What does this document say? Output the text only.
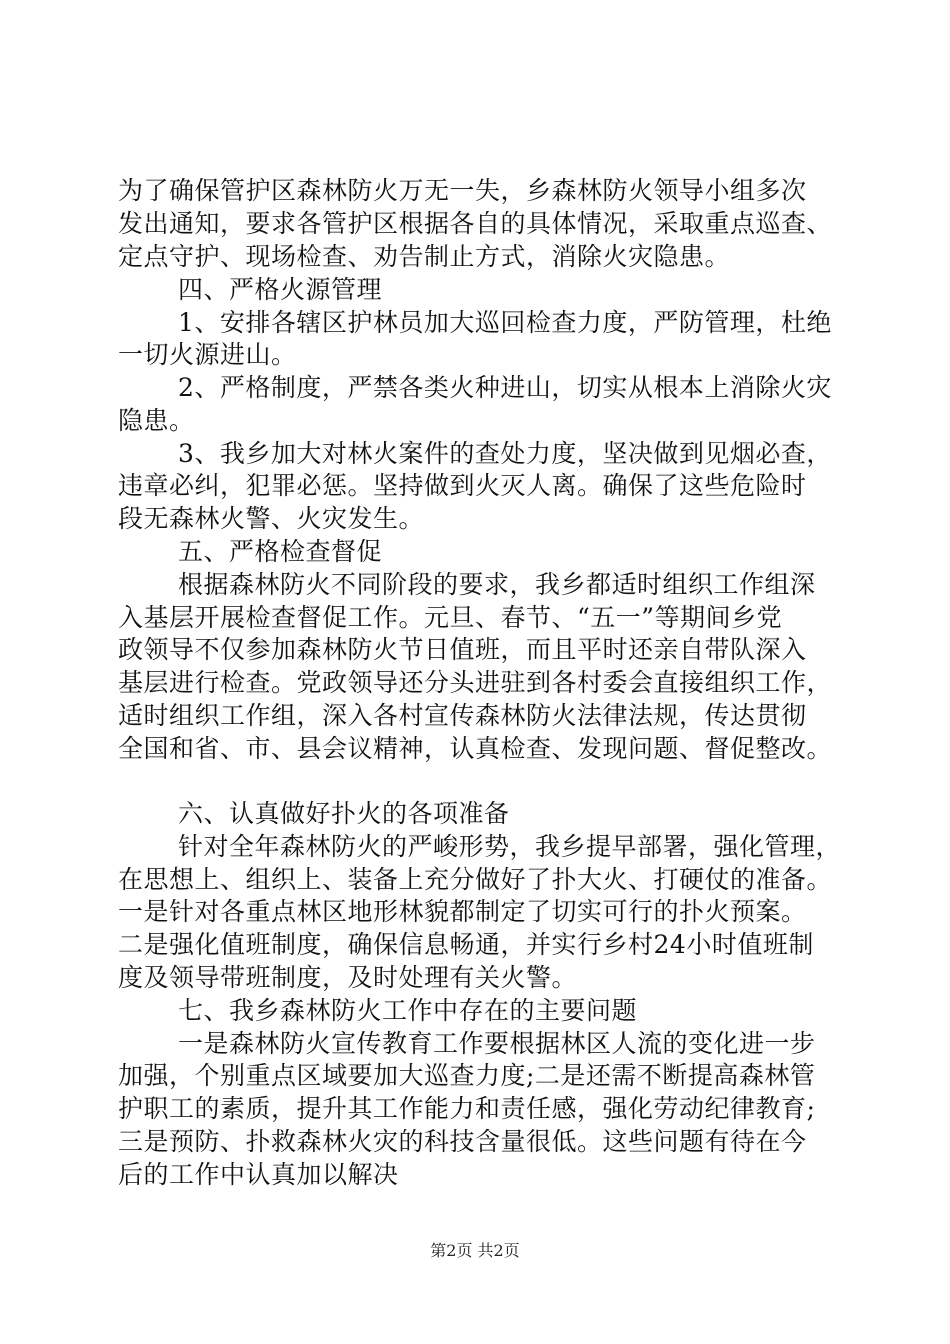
为了确保管护区森林防火万无一失，乡森林防火领导小组多次
发出通知，要求各管护区根据各自的具体情况，采取重点巡查、
定点守护、现场检查、劝告制止方式，消除火灾隐患。
四、严格火源管理
1、安排各辖区护林员加大巡回检查力度，严防管理，杜绝
一切火源进山。
2、严格制度，严禁各类火种进山，切实从根本上消除火灾
隐患。
3、我乡加大对林火案件的查处力度，坚决做到见烟必查，
违章必纠，犯罪必惩。坚持做到火灭人离。确保了这些危险时
段无森林火警、火灾发生。
五、严格检查督促
根据森林防火不同阶段的要求，我乡都适时组织工作组深
入基层开展检查督促工作。元旦、春节、“五一”等期间乡党
政领导不仅参加森林防火节日值班，而且平时还亲自带队深入
基层进行检查。党政领导还分头进驻到各村委会直接组织工作，
适时组织工作组，深入各村宣传森林防火法律法规，传达贯彻
全国和省、市、县会议精神，认真检查、发现问题、督促整改。
六、认真做好扑火的各项准备
针对全年森林防火的严峻形势，我乡提早部署，强化管理，
在思想上、组织上、装备上充分做好了扑大火、打硬仗的准备。
一是针对各重点林区地形林貌都制定了切实可行的扑火预案。
二是强化值班制度，确保信息畅通，并实行乡村24小时值班制
度及领导带班制度，及时处理有关火警。
七、我乡森林防火工作中存在的主要问题
一是森林防火宣传教育工作要根据林区人流的变化进一步
加强，个别重点区域要加大巡查力度;二是还需不断提高森林管
护职工的素质，提升其工作能力和责任感，强化劳动纪律教育;
三是预防、扑救森林火灾的科技含量很低。这些问题有待在今
后的工作中认真加以解决
第2页 共2页
